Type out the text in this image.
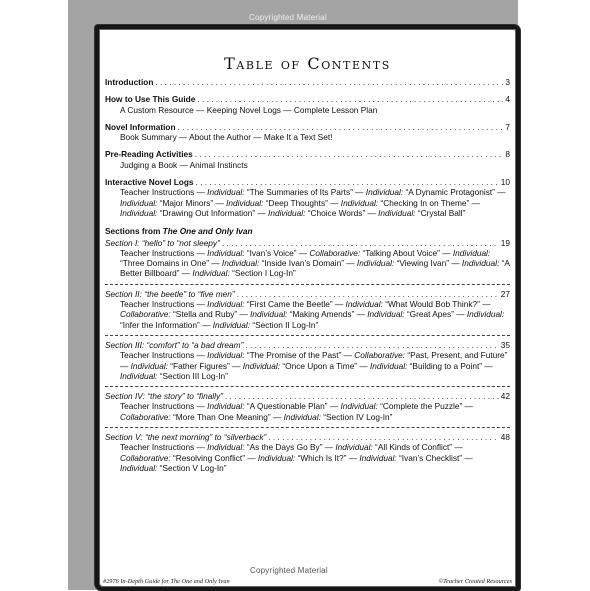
Copyrighted Material
Table of Contents
Introduction . . .	3
How to Use This Guide . . .	4
A Custom Resource — Keeping Novel Logs — Complete Lesson Plan
Novel Information . . .	7
Book Summary — About the Author — Make It a Text Set!
Pre-Reading Activities . . .	8
Judging a Book — Animal Instincts
Interactive Novel Logs . . .	10
Teacher Instructions — Individual: “The Summaries of Its Parts” — Individual: “A Dynamic Protagonist” — Individual: “Major Minors” — Individual: “Deep Thoughts” — Individual: “Checking In on Theme” — Individual: “Drawing Out Information” — Individual: “Choice Words” — Individual: “Crystal Ball”
Sections from The One and Only Ivan
Section I: “hello” to “not sleepy” . . .	19
Teacher Instructions — Individual: “Ivan’s Voice” — Collaborative: “Talking About Voice” — Individual: “Three Domains in One” — Individual: “Inside Ivan’s Domain” — Individual: “Viewing Ivan” — Individual: “A Better Billboard” — Individual: “Section I Log-In”
Section II: “the beetle” to “five men” . . .	27
Teacher Instructions — Individual: “First Came the Beetle” — Individual: “What Would Bob Think?” — Collaborative: “Stella and Ruby” — Individual: “Making Amends” — Individual: “Great Apes” — Individual: “Infer the Information” — Individual: “Section II Log-In”
Section III: “comfort” to “a bad dream” . . .	35
Teacher Instructions — Individual: “The Promise of the Past” — Collaborative: “Past, Present, and Future” — Individual: “Father Figures” — Individual: “Once Upon a Time” — Individual: “Building to a Point” — Individual: “Section III Log-In”
Section IV: “the story” to “finally” . . .	42
Teacher Instructions — Individual: “A Questionable Plan” — Individual: “Complete the Puzzle” — Collaborative: “More Than One Meaning” — Individual: “Section IV Log-In”
Section V: “the next morning” to “silverback” . . .	48
Teacher Instructions — Individual: “As the Days Go By” — Individual: “All Kinds of Conflict” — Collaborative: “Resolving Conflict” — Individual: “Which Is It?” — Individual: “Ivan’s Checklist” — Individual: “Section V Log-In”
#2976 In-Depth Guide for The One and Only Ivan	©Teacher Created Resources
Copyrighted Material
